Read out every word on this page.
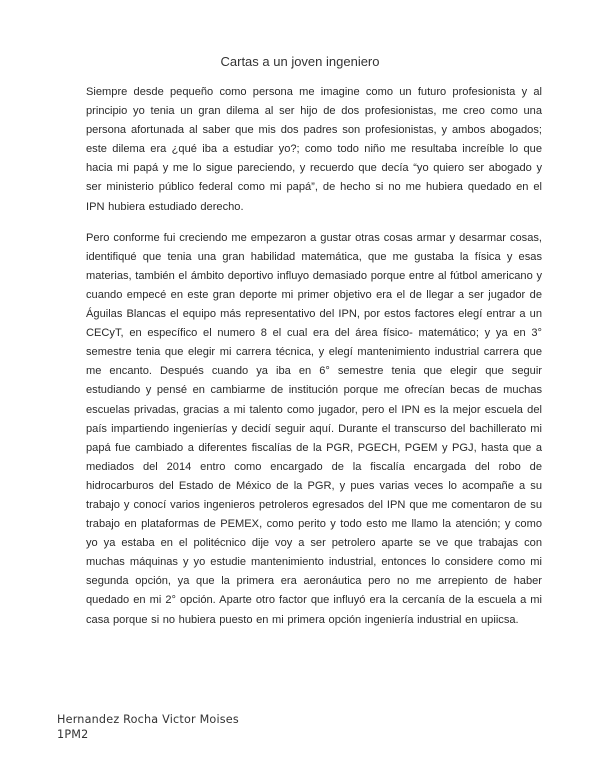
Cartas a un joven ingeniero

Siempre desde pequeño como persona me imagine como un futuro profesionista y al principio yo tenia un gran dilema al ser hijo de dos profesionistas, me creo como una persona afortunada al saber que mis dos padres son profesionistas, y ambos abogados; este dilema era ¿qué iba a estudiar yo?; como todo niño me resultaba increíble lo que hacia mi papá y me lo sigue pareciendo, y recuerdo que decía “yo quiero ser abogado y ser ministerio público federal como mi papá”, de hecho si no me hubiera quedado en el IPN hubiera estudiado derecho.

Pero conforme fui creciendo me empezaron a gustar otras cosas armar y desarmar cosas, identifiqué que tenia una gran habilidad matemática, que me gustaba la física y esas materias, también el ámbito deportivo influyo demasiado porque entre al fútbol americano y cuando empecé en este gran deporte mi primer objetivo era el de llegar a ser jugador de Águilas Blancas el equipo más representativo del IPN, por estos factores elegí entrar a un CECyT, en específico el numero 8 el cual era del área físico- matemático; y ya en 3° semestre tenia que elegir mi carrera técnica, y elegí mantenimiento industrial carrera que me encanto. Después cuando ya iba en 6° semestre tenia que elegir que seguir estudiando y pensé en cambiarme de institución porque me ofrecían becas de muchas escuelas privadas, gracias a mi talento como jugador, pero el IPN es la mejor escuela del país impartiendo ingenierías y decidí seguir aquí. Durante el transcurso del bachillerato mi papá fue cambiado a diferentes fiscalías de la PGR, PGECH, PGEM y PGJ, hasta que a mediados del 2014 entro como encargado de la fiscalía encargada del robo de hidrocarburos del Estado de México de la PGR, y pues varias veces lo acompañe a su trabajo y conocí varios ingenieros petroleros egresados del IPN que me comentaron de su trabajo en plataformas de PEMEX, como perito y todo esto me llamo la atención; y como yo ya estaba en el politécnico dije voy a ser petrolero aparte se ve que trabajas con muchas máquinas y yo estudie mantenimiento industrial, entonces lo considere como mi segunda opción, ya que la primera era aeronáutica pero no me arrepiento de haber quedado en mi 2° opción. Aparte otro factor que influyó era la cercanía de la escuela a mi casa porque si no hubiera puesto en mi primera opción ingeniería industrial en upiicsa.

Hernandez Rocha Victor Moises
1PM2
